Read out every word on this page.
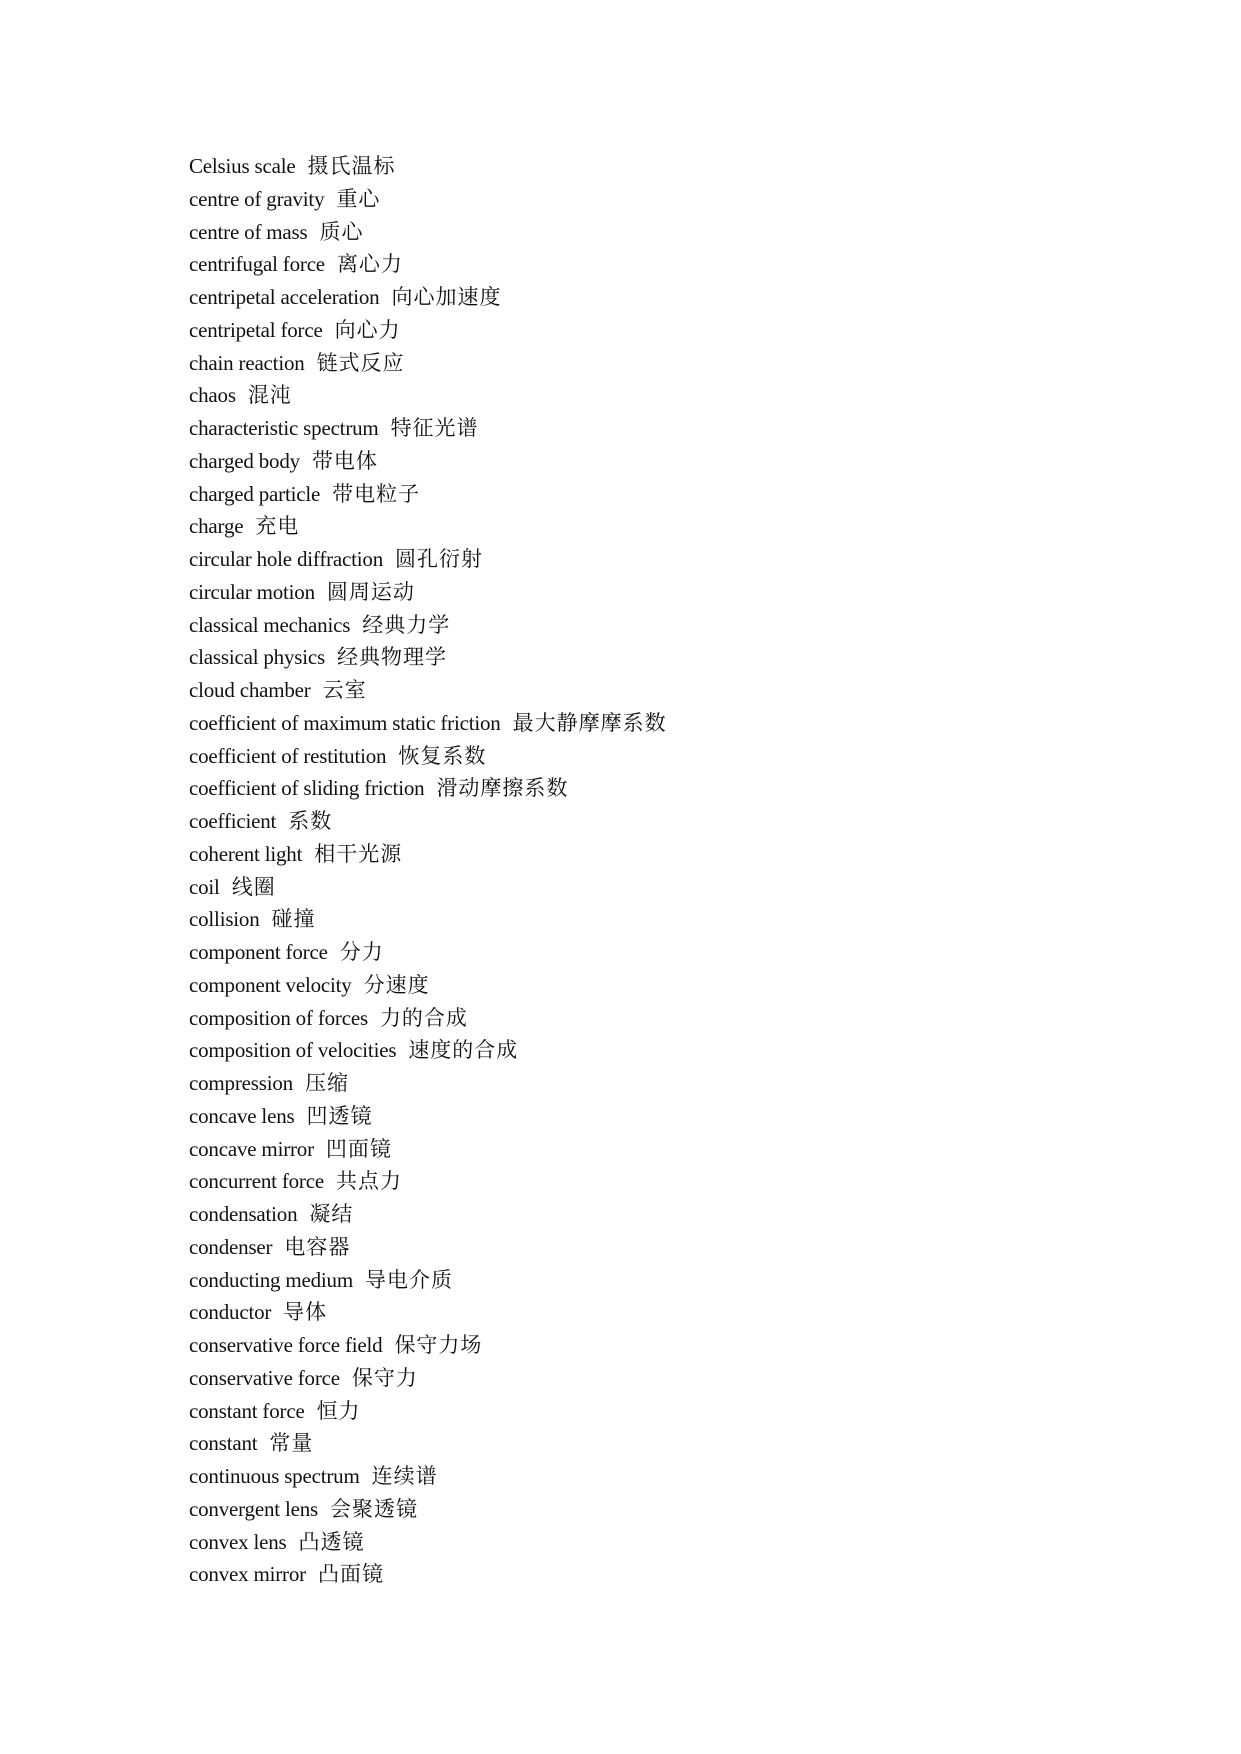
Celsius scale 摄氏温标
centre of gravity 重心
centre of mass 质心
centrifugal force 离心力
centripetal acceleration 向心加速度
centripetal force 向心力
chain reaction 链式反应
chaos 混沌
characteristic spectrum 特征光谱
charged body 带电体
charged particle 带电粒子
charge 充电
circular hole diffraction 圆孔衍射
circular motion 圆周运动
classical mechanics 经典力学
classical physics 经典物理学
cloud chamber 云室
coefficient of maximum static friction 最大静摩摩系数
coefficient of restitution 恢复系数
coefficient of sliding friction 滑动摩擦系数
coefficient 系数
coherent light 相干光源
coil 线圈
collision 碰撞
component force 分力
component velocity 分速度
composition of forces 力的合成
composition of velocities 速度的合成
compression 压缩
concave lens 凹透镜
concave mirror 凹面镜
concurrent force 共点力
condensation 凝结
condenser 电容器
conducting medium 导电介质
conductor 导体
conservative force field 保守力场
conservative force 保守力
constant force 恒力
constant 常量
continuous spectrum 连续谱
convergent lens 会聚透镜
convex lens 凸透镜
convex mirror 凸面镜
